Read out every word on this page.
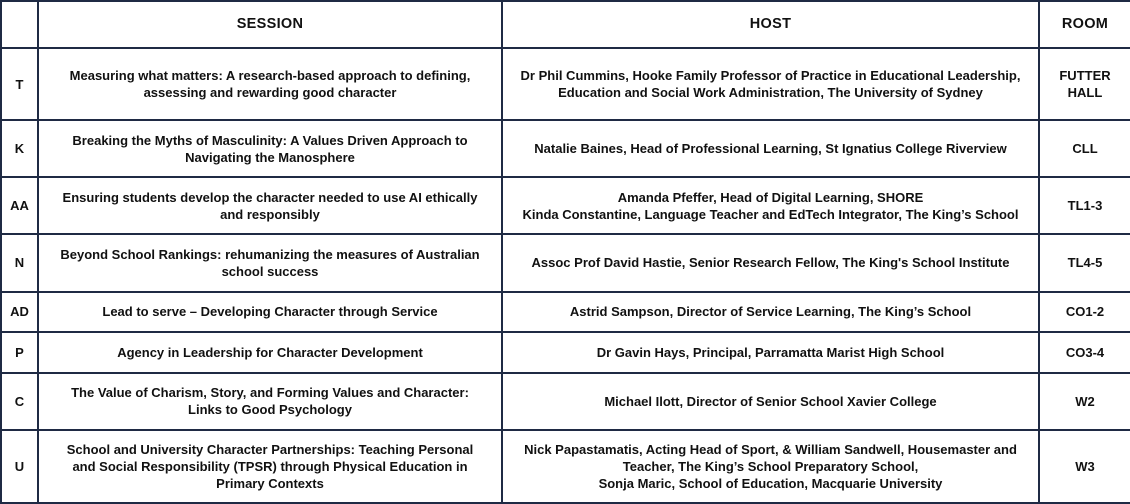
	SESSION	HOST	ROOM
T	Measuring what matters: A research-based approach to defining,
assessing and rewarding good character	Dr Phil Cummins, Hooke Family Professor of Practice in Educational Leadership,
Education and Social Work Administration, The University of Sydney	FUTTER
HALL
K	Breaking the Myths of Masculinity: A Values Driven Approach to
Navigating the Manosphere	Natalie Baines, Head of Professional Learning, St Ignatius College Riverview	CLL
AA	Ensuring students develop the character needed to use AI ethically
and responsibly	Amanda Pfeffer, Head of Digital Learning, SHORE
Kinda Constantine, Language Teacher and EdTech Integrator, The King’s School	TL1-3
N	Beyond School Rankings: rehumanizing the measures of Australian
school success	Assoc Prof David Hastie, Senior Research Fellow, The King's School Institute	TL4-5
AD	Lead to serve – Developing Character through Service	Astrid Sampson, Director of Service Learning, The King’s School	CO1-2
P	Agency in Leadership for Character Development	Dr Gavin Hays, Principal, Parramatta Marist High School	CO3-4
C	The Value of Charism, Story, and Forming Values and Character:
Links to Good Psychology	Michael Ilott, Director of Senior School Xavier College	W2
U	School and University Character Partnerships: Teaching Personal
and Social Responsibility (TPSR) through Physical Education in
Primary Contexts	Nick Papastamatis, Acting Head of Sport, & William Sandwell, Housemaster and
Teacher, The King’s School Preparatory School,
Sonja Maric, School of Education, Macquarie University	W3
